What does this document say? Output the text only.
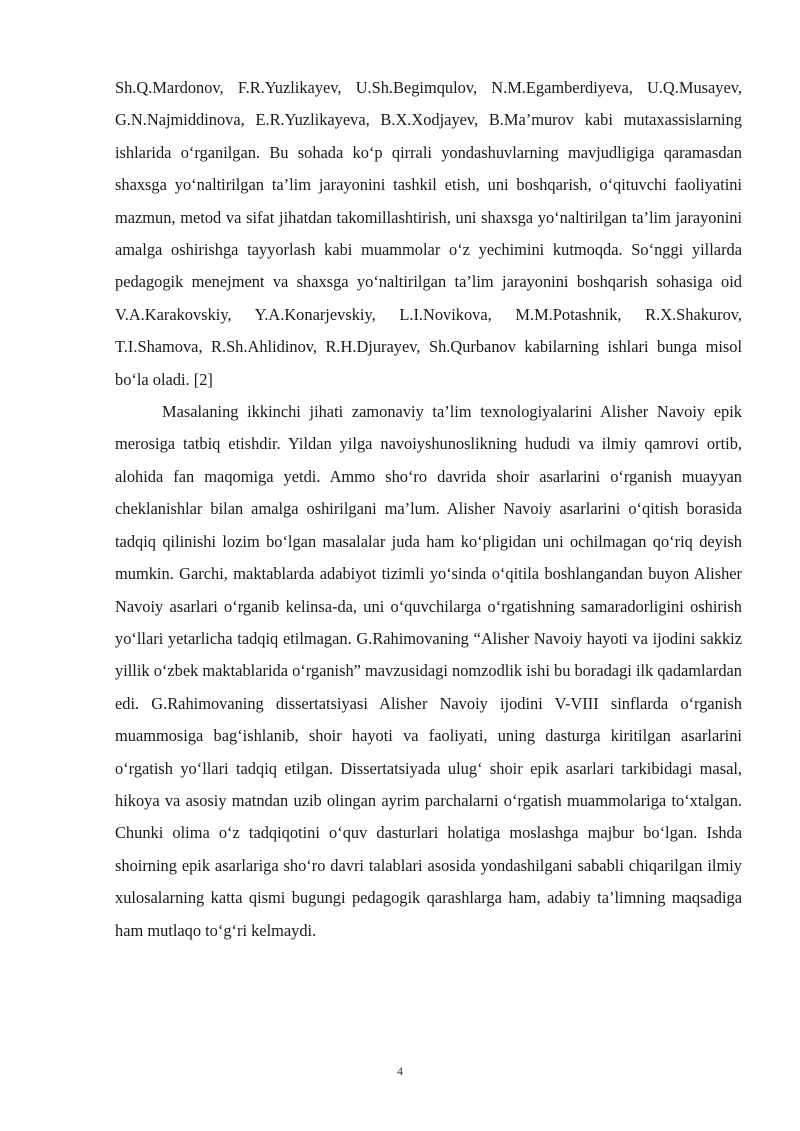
Sh.Q.Mardonov, F.R.Yuzlikayev, U.Sh.Begimqulov, N.M.Egamberdiyeva, U.Q.Musayev, G.N.Najmiddinova, E.R.Yuzlikayeva, B.X.Xodjayev, B.Ma’murov kabi mutaxassislarning ishlarida o‘rganilgan. Bu sohada ko‘p qirrali yondashuvlarning mavjudligiga qaramasdan shaxsga yo‘naltirilgan ta’lim jarayonini tashkil etish, uni boshqarish, o‘qituvchi faoliyatini mazmun, metod va sifat jihatdan takomillashtirish, uni shaxsga yo‘naltirilgan ta’lim jarayonini amalga oshirishga tayyorlash kabi muammolar o‘z yechimini kutmoqda. So‘nggi yillarda pedagogik menejment va shaxsga yo‘naltirilgan ta’lim jarayonini boshqarish sohasiga oid V.A.Karakovskiy, Y.A.Konarjevskiy, L.I.Novikova, M.M.Potashnik, R.X.Shakurov, T.I.Shamova, R.Sh.Ahlidinov, R.H.Djurayev, Sh.Qurbanov kabilarning ishlari bunga misol bo‘la oladi. [2]

Masalaning ikkinchi jihati zamonaviy ta’lim texnologiyalarini Alisher Navoiy epik merosiga tatbiq etishdir. Yildan yilga navoiyshunoslikning hududi va ilmiy qamrovi ortib, alohida fan maqomiga yetdi. Ammo sho‘ro davrida shoir asarlarini o‘rganish muayyan cheklanishlar bilan amalga oshirilgani ma’lum. Alisher Navoiy asarlarini o‘qitish borasida tadqiq qilinishi lozim bo‘lgan masalalar juda ham ko‘pligidan uni ochilmagan qo‘riq deyish mumkin. Garchi, maktablarda adabiyot tizimli yo‘sinda o‘qitila boshlangandan buyon Alisher Navoiy asarlari o‘rganib kelinsa-da, uni o‘quvchilarga o‘rgatishning samaradorligini oshirish yo‘llari yetarlicha tadqiq etilmagan. G.Rahimovaning “Alisher Navoiy hayoti va ijodini sakkiz yillik o‘zbek maktablarida o‘rganish” mavzusidagi nomzodlik ishi bu boradagi ilk qadamlardan edi. G.Rahimovaning dissertatsiyasi Alisher Navoiy ijodini V-VIII sinflarda o‘rganish muammosiga bag‘ishlanib, shoir hayoti va faoliyati, uning dasturga kiritilgan asarlarini o‘rgatish yo‘llari tadqiq etilgan. Dissertatsiyada ulug‘ shoir epik asarlari tarkibidagi masal, hikoya va asosiy matndan uzib olingan ayrim parchalarni o‘rgatish muammolariga to‘xtalgan. Chunki olima o‘z tadqiqotini o‘quv dasturlari holatiga moslashga majbur bo‘lgan. Ishda shoirning epik asarlariga sho‘ro davri talablari asosida yondashilgani sababli chiqarilgan ilmiy xulosalarning katta qismi bugungi pedagogik qarashlarga ham, adabiy ta’limning maqsadiga ham mutlaqo to‘g‘ri kelmaydi.

4
